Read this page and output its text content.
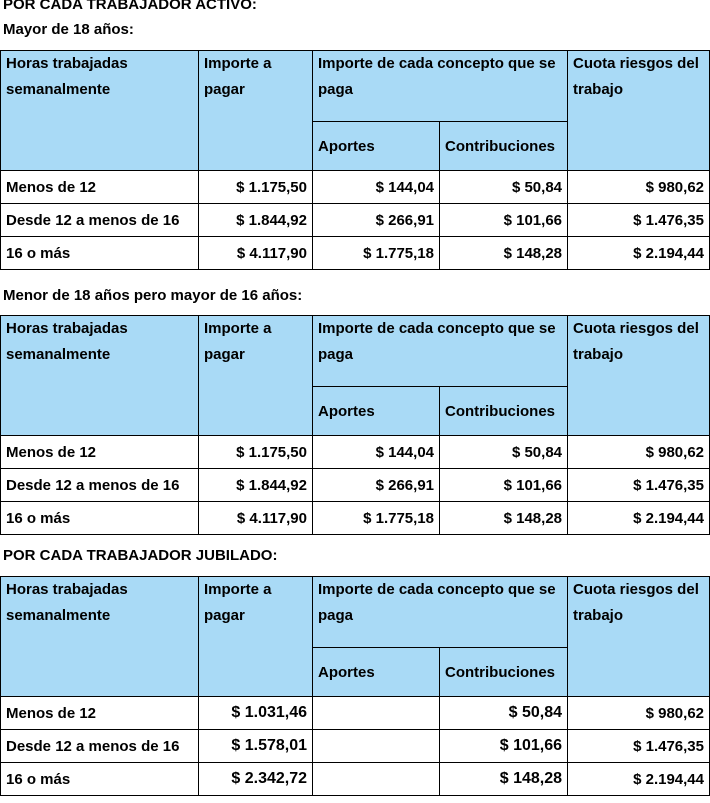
POR CADA TRABAJADOR ACTIVO:
Mayor de 18 años:
Horas trabajadas semanalmente	Importe a pagar	Importe de cada concepto que se paga		Cuota riesgos del trabajo
		Aportes	Contribuciones	
Menos de 12	$ 1.175,50	$ 144,04	$ 50,84	$ 980,62
Desde 12 a menos de 16	$ 1.844,92	$ 266,91	$ 101,66	$ 1.476,35
16 o más	$ 4.117,90	$ 1.775,18	$ 148,28	$ 2.194,44
Menor de 18 años pero mayor de 16 años:
Horas trabajadas semanalmente	Importe a pagar	Importe de cada concepto que se paga		Cuota riesgos del trabajo
		Aportes	Contribuciones	
Menos de 12	$ 1.175,50	$ 144,04	$ 50,84	$ 980,62
Desde 12 a menos de 16	$ 1.844,92	$ 266,91	$ 101,66	$ 1.476,35
16 o más	$ 4.117,90	$ 1.775,18	$ 148,28	$ 2.194,44
POR CADA TRABAJADOR JUBILADO:
Horas trabajadas semanalmente	Importe a pagar	Importe de cada concepto que se paga		Cuota riesgos del trabajo
		Aportes	Contribuciones	
Menos de 12	$ 1.031,46		$ 50,84	$ 980,62
Desde 12 a menos de 16	$ 1.578,01		$ 101,66	$ 1.476,35
16 o más	$ 2.342,72		$ 148,28	$ 2.194,44
